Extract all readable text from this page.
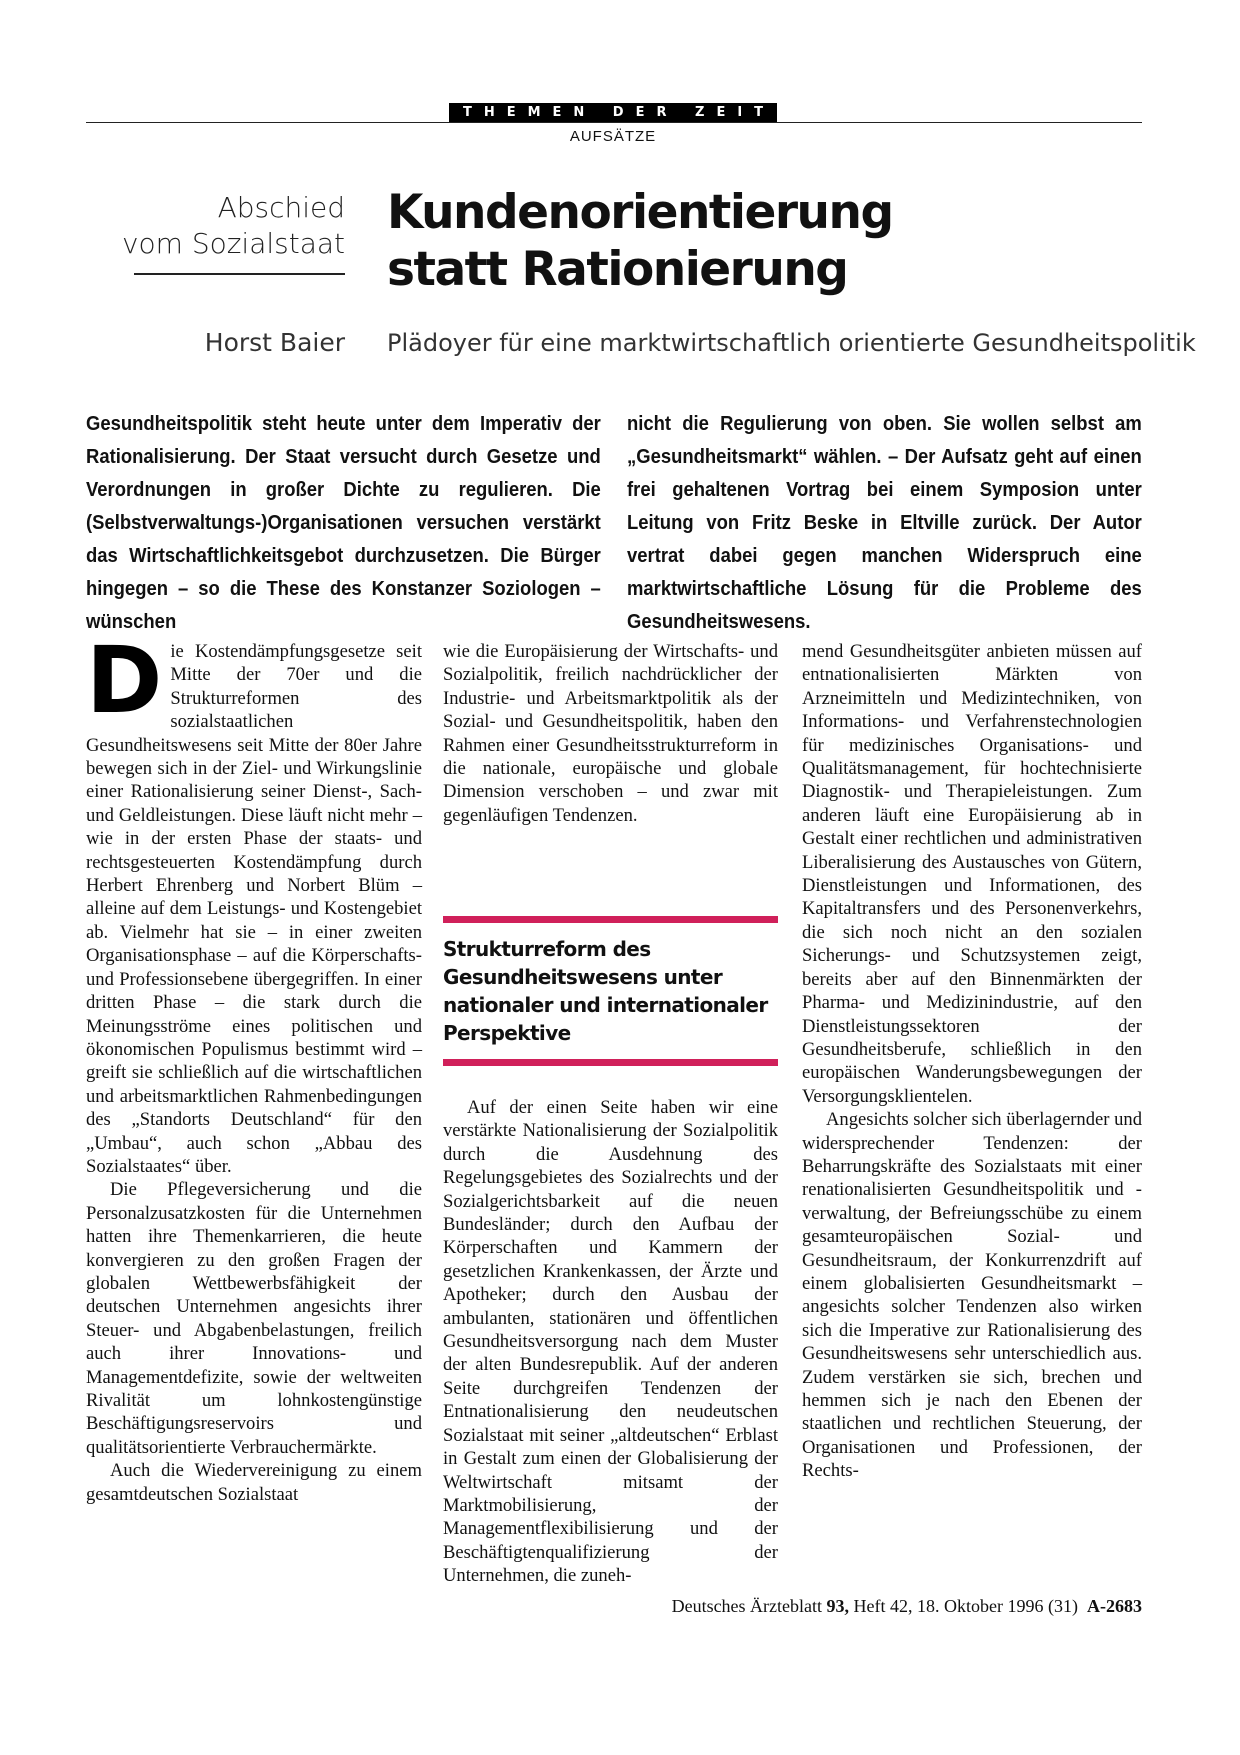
THEMEN DER ZEIT
AUFSÄTZE
Abschied
vom Sozialstaat
Horst Baier
Kundenorientierung
statt Rationierung
Plädoyer für eine marktwirtschaftlich orientierte Gesundheitspolitik

Gesundheitspolitik steht heute unter dem Imperativ der Rationalisierung. Der Staat versucht durch Gesetze und Verordnungen in großer Dichte zu regulieren. Die (Selbstverwaltungs-)Organisationen versuchen verstärkt das Wirtschaftlichkeitsgebot durchzusetzen. Die Bürger hingegen – so die These des Konstanzer Soziologen – wünschen

nicht die Regulierung von oben. Sie wollen selbst am „Gesundheitsmarkt“ wählen. – Der Aufsatz geht auf einen frei gehaltenen Vortrag bei einem Symposion unter Leitung von Fritz Beske in Eltville zurück. Der Autor vertrat dabei gegen manchen Widerspruch eine marktwirtschaftliche Lösung für die Probleme des Gesundheitswesens.

Die Kostendämpfungsgesetze seit Mitte der 70er und die Strukturreformen des sozialstaatlichen Gesundheitswesens seit Mitte der 80er Jahre bewegen sich in der Ziel- und Wirkungslinie einer Rationalisierung seiner Dienst-, Sach- und Geldleistungen. Diese läuft nicht mehr – wie in der ersten Phase der staats- und rechtsgesteuerten Kostendämpfung durch Herbert Ehrenberg und Norbert Blüm – alleine auf dem Leistungs- und Kostengebiet ab. Vielmehr hat sie – in einer zweiten Organisationsphase – auf die Körperschafts- und Professionsebene übergegriffen. In einer dritten Phase – die stark durch die Meinungsströme eines politischen und ökonomischen Populismus bestimmt wird – greift sie schließlich auf die wirtschaftlichen und arbeitsmarktlichen Rahmenbedingungen des „Standorts Deutschland“ für den „Umbau“, auch schon „Abbau des Sozialstaates“ über.

Die Pflegeversicherung und die Personalzusatzkosten für die Unternehmen hatten ihre Themenkarrieren, die heute konvergieren zu den großen Fragen der globalen Wettbewerbsfähigkeit der deutschen Unternehmen angesichts ihrer Steuer- und Abgabenbelastungen, freilich auch ihrer Innovations- und Managementdefizite, sowie der weltweiten Rivalität um lohnkostengünstige Beschäftigungsreservoirs und qualitätsorientierte Verbrauchermärkte.

Auch die Wiedervereinigung zu einem gesamtdeutschen Sozialstaat

wie die Europäisierung der Wirtschafts- und Sozialpolitik, freilich nachdrücklicher der Industrie- und Arbeitsmarktpolitik als der Sozial- und Gesundheitspolitik, haben den Rahmen einer Gesundheitsstrukturreform in die nationale, europäische und globale Dimension verschoben – und zwar mit gegenläufigen Tendenzen.

Strukturreform des Gesundheitswesens unter nationaler und internationaler Perspektive

Auf der einen Seite haben wir eine verstärkte Nationalisierung der Sozialpolitik durch die Ausdehnung des Regelungsgebietes des Sozialrechts und der Sozialgerichtsbarkeit auf die neuen Bundesländer; durch den Aufbau der Körperschaften und Kammern der gesetzlichen Krankenkassen, der Ärzte und Apotheker; durch den Ausbau der ambulanten, stationären und öffentlichen Gesundheitsversorgung nach dem Muster der alten Bundesrepublik. Auf der anderen Seite durchgreifen Tendenzen der Entnationalisierung den neudeutschen Sozialstaat mit seiner „altdeutschen“ Erblast in Gestalt zum einen der Globalisierung der Weltwirtschaft mitsamt der Marktmobilisierung, der Managementflexibilisierung und der Beschäftigtenqualifizierung der Unternehmen, die zuneh-

mend Gesundheitsgüter anbieten müssen auf entnationalisierten Märkten von Arzneimitteln und Medizintechniken, von Informations- und Verfahrenstechnologien für medizinisches Organisations- und Qualitätsmanagement, für hochtechnisierte Diagnostik- und Therapieleistungen. Zum anderen läuft eine Europäisierung ab in Gestalt einer rechtlichen und administrativen Liberalisierung des Austausches von Gütern, Dienstleistungen und Informationen, des Kapitaltransfers und des Personenverkehrs, die sich noch nicht an den sozialen Sicherungs- und Schutzsystemen zeigt, bereits aber auf den Binnenmärkten der Pharma- und Medizinindustrie, auf den Dienstleistungssektoren der Gesundheitsberufe, schließlich in den europäischen Wanderungsbewegungen der Versorgungsklientelen.

Angesichts solcher sich überlagernder und widersprechender Tendenzen: der Beharrungskräfte des Sozialstaats mit einer renationalisierten Gesundheitspolitik und -verwaltung, der Befreiungsschübe zu einem gesamteuropäischen Sozial- und Gesundheitsraum, der Konkurrenzdrift auf einem globalisierten Gesundheitsmarkt – angesichts solcher Tendenzen also wirken sich die Imperative zur Rationalisierung des Gesundheitswesens sehr unterschiedlich aus. Zudem verstärken sie sich, brechen und hemmen sich je nach den Ebenen der staatlichen und rechtlichen Steuerung, der Organisationen und Professionen, der Rechts-

Deutsches Ärzteblatt 93, Heft 42, 18. Oktober 1996 (31) A-2683
